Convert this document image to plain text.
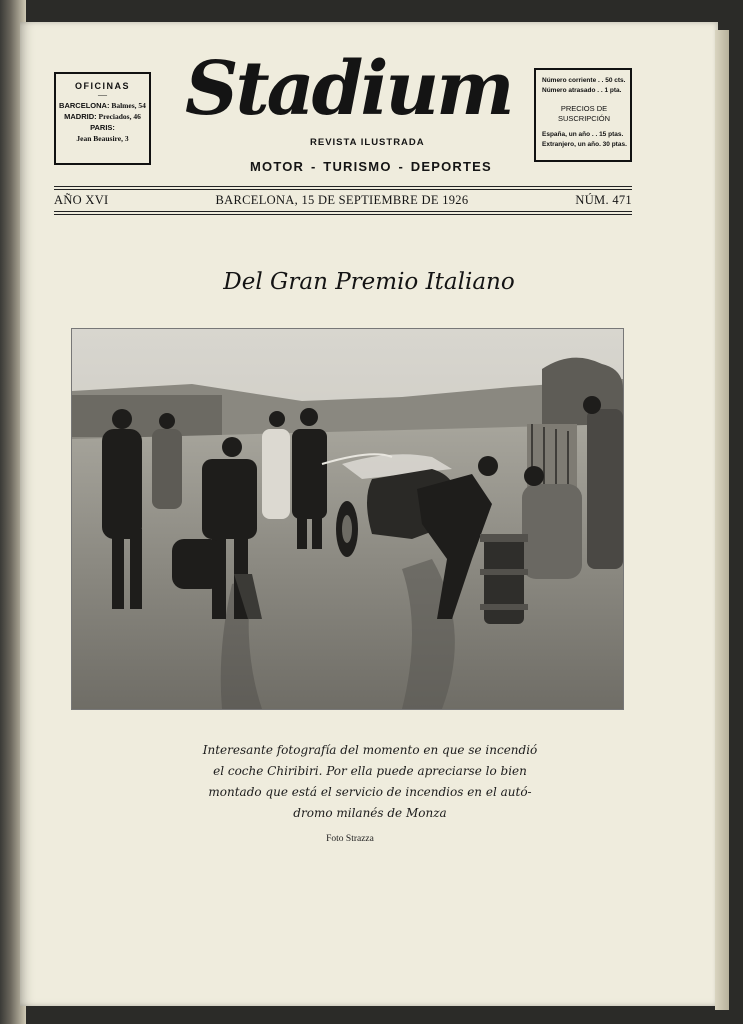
OFICINAS
—
BARCELONA: Balmes, 54
MADRID: Preciados, 46
PARIS:
Jean Beausire, 3
Stadium
REVISTA ILUSTRADA
MOTOR - TURISMO - DEPORTES
Número corriente . . 50 cts.
Número atrasado . . 1 pta.
PRECIOS DE
SUSCRIPCIÓN
España, un año . . 15 ptas.
Extranjero, un año. 30 ptas.
AÑO XVI	BARCELONA, 15 DE SEPTIEMBRE DE 1926	NÚM. 471
Del Gran Premio Italiano
Interesante fotografía del momento en que se incendió
el coche Chiribiri. Por ella puede apreciarse lo bien
montado que está el servicio de incendios en el autó-
dromo milanés de Monza
Foto Strazza
